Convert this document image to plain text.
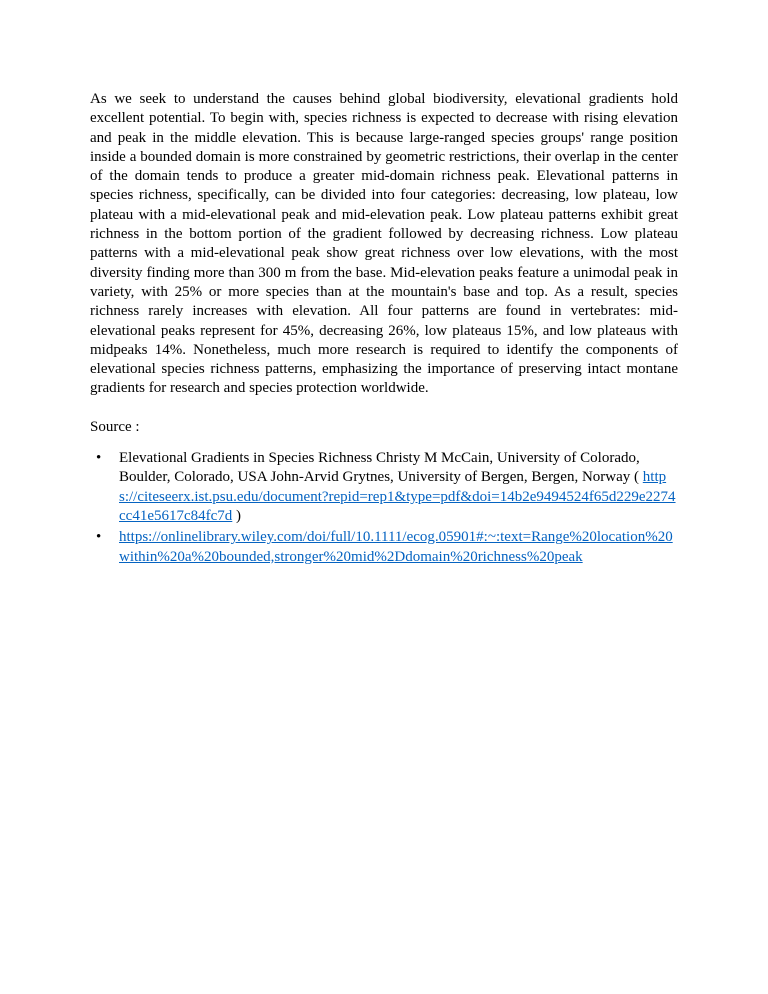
As we seek to understand the causes behind global biodiversity, elevational gradients hold excellent potential. To begin with, species richness is expected to decrease with rising elevation and peak in the middle elevation. This is because large-ranged species groups' range position inside a bounded domain is more constrained by geometric restrictions, their overlap in the center of the domain tends to produce a greater mid-domain richness peak. Elevational patterns in species richness, specifically, can be divided into four categories: decreasing, low plateau, low plateau with a mid-elevational peak and mid-elevation peak. Low plateau patterns exhibit great richness in the bottom portion of the gradient followed by decreasing richness. Low plateau patterns with a mid-elevational peak show great richness over low elevations, with the most diversity finding more than 300 m from the base. Mid-elevation peaks feature a unimodal peak in variety, with 25% or more species than at the mountain's base and top. As a result, species richness rarely increases with elevation. All four patterns are found in vertebrates: mid-elevational peaks represent for 45%, decreasing 26%, low plateaus 15%, and low plateaus with midpeaks 14%. Nonetheless, much more research is required to identify the components of elevational species richness patterns, emphasizing the importance of preserving intact montane gradients for research and species protection worldwide.

Source :

• Elevational Gradients in Species Richness Christy M McCain, University of Colorado, Boulder, Colorado, USA John-Arvid Grytnes, University of Bergen, Bergen, Norway ( https://citeseerx.ist.psu.edu/document?repid=rep1&type=pdf&doi=14b2e9494524f65d229e2274cc41e5617c84fc7d )
• https://onlinelibrary.wiley.com/doi/full/10.1111/ecog.05901#:~:text=Range%20location%20within%20a%20bounded,stronger%20mid%2Ddomain%20richness%20peak
